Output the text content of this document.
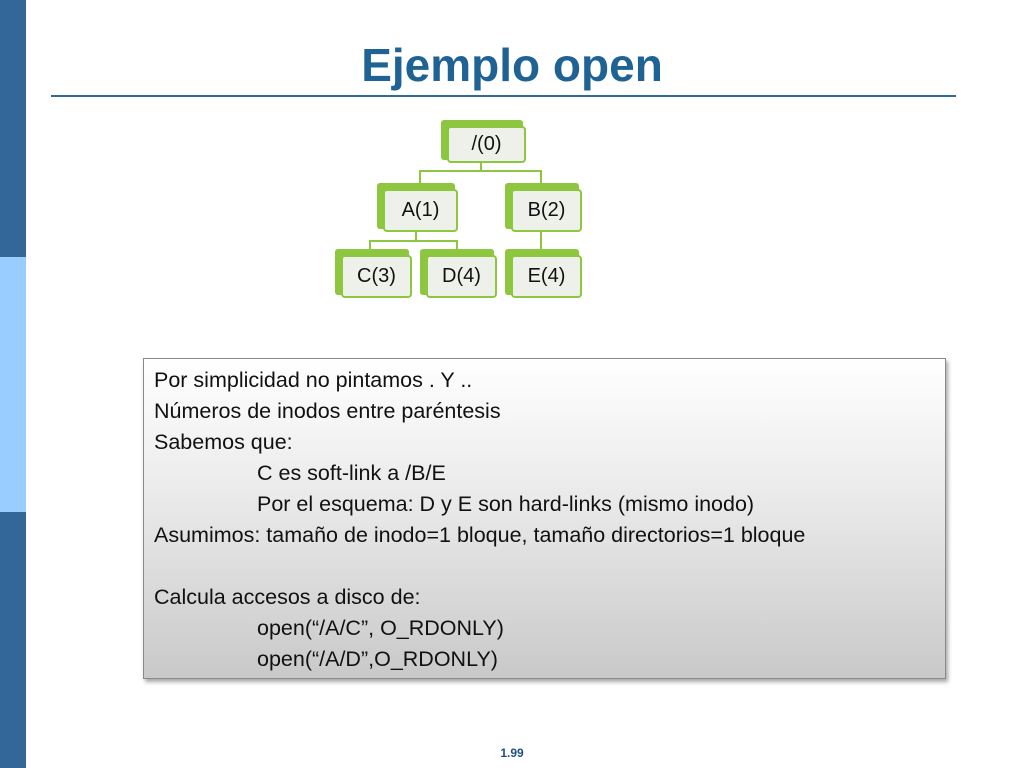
Ejemplo open
/(0)
A(1)	B(2)
C(3)	D(4)	E(4)
Por simplicidad no pintamos . Y ..
Números de inodos entre paréntesis
Sabemos que:
C es soft-link a /B/E
Por el esquema: D y E son hard-links (mismo inodo)
Asumimos: tamaño de inodo=1 bloque, tamaño directorios=1 bloque
Calcula accesos a disco de:
open(“/A/C”, O_RDONLY)
open(“/A/D”,O_RDONLY)
1.99
